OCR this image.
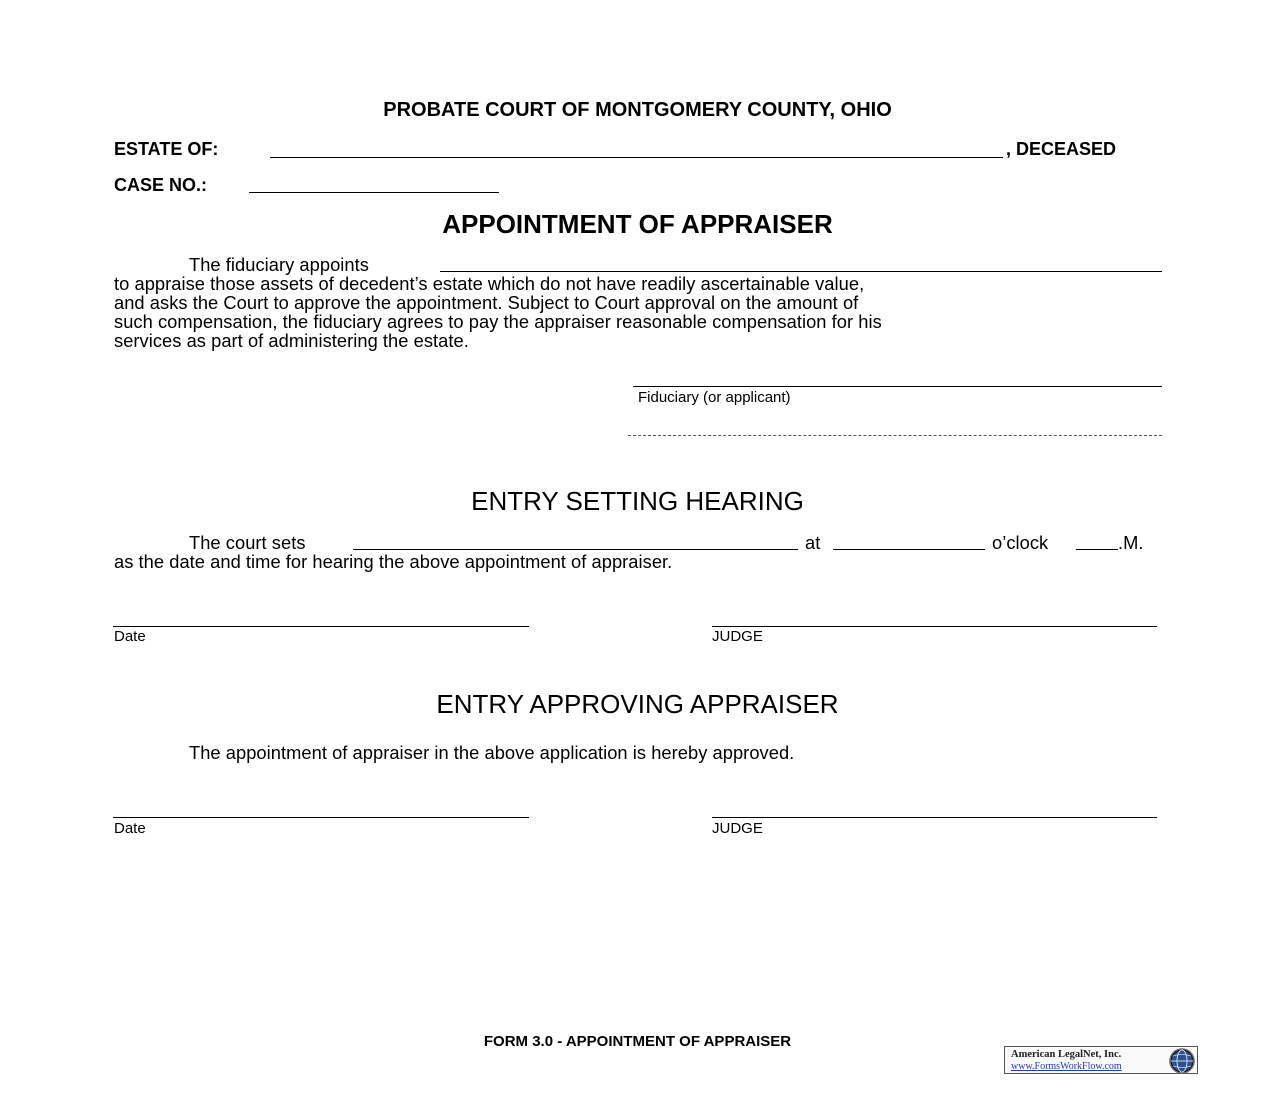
PROBATE COURT OF MONTGOMERY COUNTY, OHIO
ESTATE OF:	, DECEASED
CASE NO.:
APPOINTMENT OF APPRAISER
The fiduciary appoints
to appraise those assets of decedent’s estate which do not have readily ascertainable value,
and asks the Court to approve the appointment. Subject to Court approval on the amount of
such compensation, the fiduciary agrees to pay the appraiser reasonable compensation for his
services as part of administering the estate.
Fiduciary (or applicant)
ENTRY SETTING HEARING
The court sets	at	o’clock	.M.
as the date and time for hearing the above appointment of appraiser.
Date	JUDGE
ENTRY APPROVING APPRAISER
The appointment of appraiser in the above application is hereby approved.
Date	JUDGE
FORM 3.0 - APPOINTMENT OF APPRAISER
American LegalNet, Inc.
www.FormsWorkFlow.com
